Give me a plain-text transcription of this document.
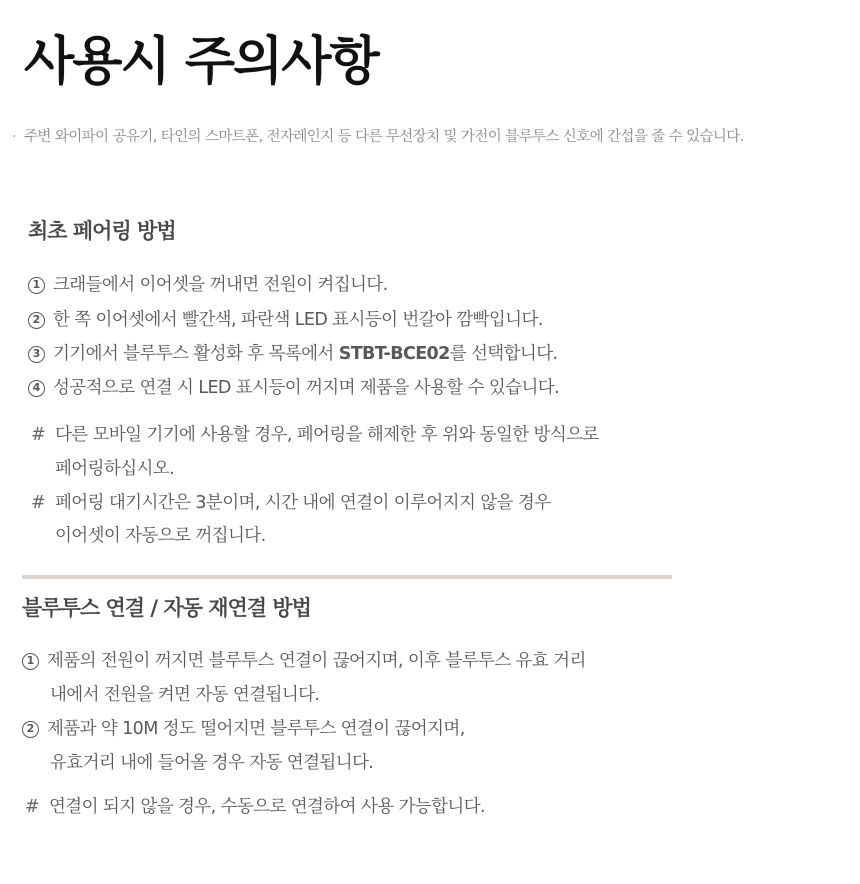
사용시 주의사항
· 주변 와이파이 공유기, 타인의 스마트폰, 전자레인지 등 다른 무선장치 및 가전이 블루투스 신호에 간섭을 줄 수 있습니다.
최초 페어링 방법
1 크래들에서 이어셋을 꺼내면 전원이 켜집니다.
2 한 쪽 이어셋에서 빨간색, 파란색 LED 표시등이 번갈아 깜빡입니다.
3 기기에서 블루투스 활성화 후 목록에서 STBT-BCE02를 선택합니다.
4 성공적으로 연결 시 LED 표시등이 꺼지며 제품을 사용할 수 있습니다.
# 다른 모바일 기기에 사용할 경우, 페어링을 해제한 후 위와 동일한 방식으로
페어링하십시오.
# 페어링 대기시간은 3분이며, 시간 내에 연결이 이루어지지 않을 경우
이어셋이 자동으로 꺼집니다.
블루투스 연결 / 자동 재연결 방법
1 제품의 전원이 꺼지면 블루투스 연결이 끊어지며, 이후 블루투스 유효 거리
내에서 전원을 켜면 자동 연결됩니다.
2 제품과 약 10M 정도 떨어지면 블루투스 연결이 끊어지며,
유효거리 내에 들어올 경우 자동 연결됩니다.
# 연결이 되지 않을 경우, 수동으로 연결하여 사용 가능합니다.
